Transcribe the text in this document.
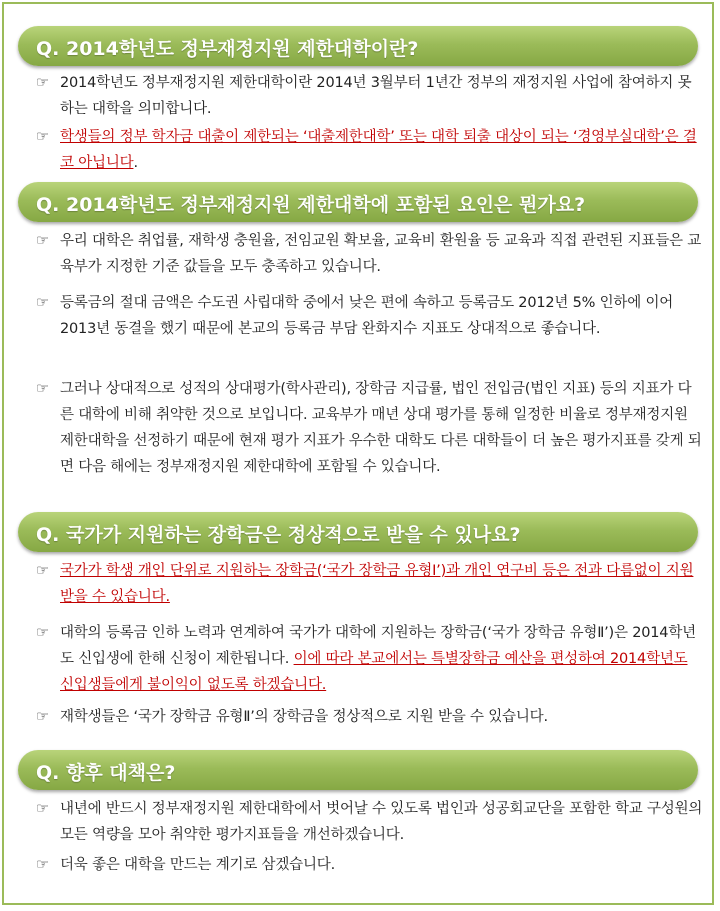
Q. 2014학년도 정부재정지원 제한대학이란?
☞ 2014학년도 정부재정지원 제한대학이란 2014년 3월부터 1년간 정부의 재정지원 사업에 참여하지 못하는 대학을 의미합니다.
☞ 학생들의 정부 학자금 대출이 제한되는 ‘대출제한대학’ 또는 대학 퇴출 대상이 되는 ‘경영부실대학’은 결코 아닙니다.
Q. 2014학년도 정부재정지원 제한대학에 포함된 요인은 뭔가요?
☞ 우리 대학은 취업률, 재학생 충원율, 전임교원 확보율, 교육비 환원율 등 교육과 직접 관련된 지표들은 교육부가 지정한 기준 값들을 모두 충족하고 있습니다.
☞ 등록금의 절대 금액은 수도권 사립대학 중에서 낮은 편에 속하고 등록금도 2012년 5% 인하에 이어 2013년 동결을 했기 때문에 본교의 등록금 부담 완화지수 지표도 상대적으로 좋습니다.
☞ 그러나 상대적으로 성적의 상대평가(학사관리), 장학금 지급률, 법인 전입금(법인 지표) 등의 지표가 다른 대학에 비해 취약한 것으로 보입니다. 교육부가 매년 상대 평가를 통해 일정한 비율로 정부재정지원 제한대학을 선정하기 때문에 현재 평가 지표가 우수한 대학도 다른 대학들이 더 높은 평가지표를 갖게 되면 다음 해에는 정부재정지원 제한대학에 포함될 수 있습니다.
Q. 국가가 지원하는 장학금은 정상적으로 받을 수 있나요?
☞ 국가가 학생 개인 단위로 지원하는 장학금(‘국가 장학금 유형Ⅰ’)과 개인 연구비 등은 전과 다름없이 지원 받을 수 있습니다.
☞ 대학의 등록금 인하 노력과 연계하여 국가가 대학에 지원하는 장학금(‘국가 장학금 유형Ⅱ’)은 2014학년도 신입생에 한해 신청이 제한됩니다. 이에 따라 본교에서는 특별장학금 예산을 편성하여 2014학년도 신입생들에게 불이익이 없도록 하겠습니다.
☞ 재학생들은 ‘국가 장학금 유형Ⅱ’의 장학금을 정상적으로 지원 받을 수 있습니다.
Q. 향후 대책은?
☞ 내년에 반드시 정부재정지원 제한대학에서 벗어날 수 있도록 법인과 성공회교단을 포함한 학교 구성원의 모든 역량을 모아 취약한 평가지표들을 개선하겠습니다.
☞ 더욱 좋은 대학을 만드는 계기로 삼겠습니다.
